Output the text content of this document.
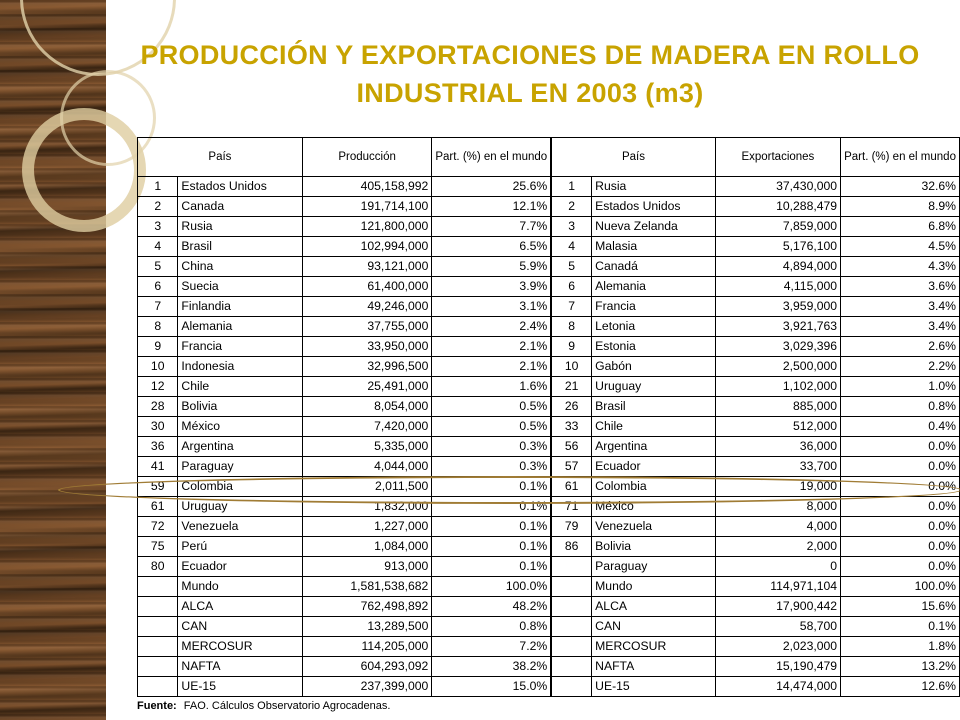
PRODUCCIÓN Y EXPORTACIONES DE MADERA EN ROLLO INDUSTRIAL EN 2003 (m3)
País		Producción	Part. (%) en el mundo	País		Exportaciones	Part. (%) en el mundo
1	Estados Unidos	405,158,992	25.6%	1	Rusia	37,430,000	32.6%
2	Canada	191,714,100	12.1%	2	Estados Unidos	10,288,479	8.9%
3	Rusia	121,800,000	7.7%	3	Nueva Zelanda	7,859,000	6.8%
4	Brasil	102,994,000	6.5%	4	Malasia	5,176,100	4.5%
5	China	93,121,000	5.9%	5	Canadá	4,894,000	4.3%
6	Suecia	61,400,000	3.9%	6	Alemania	4,115,000	3.6%
7	Finlandia	49,246,000	3.1%	7	Francia	3,959,000	3.4%
8	Alemania	37,755,000	2.4%	8	Letonia	3,921,763	3.4%
9	Francia	33,950,000	2.1%	9	Estonia	3,029,396	2.6%
10	Indonesia	32,996,500	2.1%	10	Gabón	2,500,000	2.2%
12	Chile	25,491,000	1.6%	21	Uruguay	1,102,000	1.0%
28	Bolivia	8,054,000	0.5%	26	Brasil	885,000	0.8%
30	México	7,420,000	0.5%	33	Chile	512,000	0.4%
36	Argentina	5,335,000	0.3%	56	Argentina	36,000	0.0%
41	Paraguay	4,044,000	0.3%	57	Ecuador	33,700	0.0%
59	Colombia	2,011,500	0.1%	61	Colombia	19,000	0.0%
61	Uruguay	1,832,000	0.1%	71	México	8,000	0.0%
72	Venezuela	1,227,000	0.1%	79	Venezuela	4,000	0.0%
75	Perú	1,084,000	0.1%	86	Bolivia	2,000	0.0%
80	Ecuador	913,000	0.1%		Paraguay	0	0.0%
	Mundo	1,581,538,682	100.0%		Mundo	114,971,104	100.0%
	ALCA	762,498,892	48.2%		ALCA	17,900,442	15.6%
	CAN	13,289,500	0.8%		CAN	58,700	0.1%
	MERCOSUR	114,205,000	7.2%		MERCOSUR	2,023,000	1.8%
	NAFTA	604,293,092	38.2%		NAFTA	15,190,479	13.2%
	UE-15	237,399,000	15.0%		UE-15	14,474,000	12.6%
Fuente: FAO. Cálculos Observatorio Agrocadenas.
